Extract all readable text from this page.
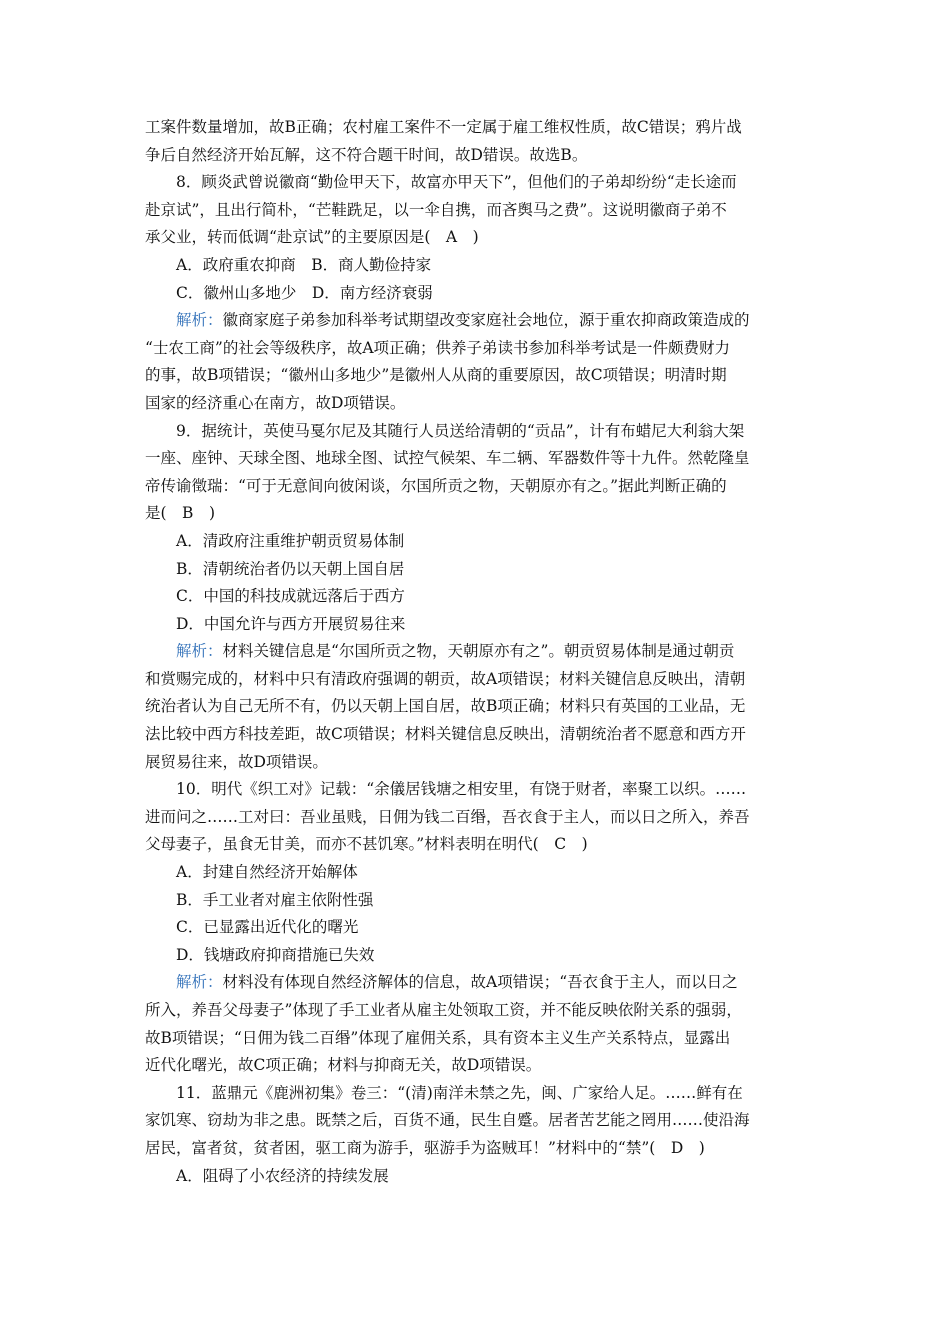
工案件数量增加，故B正确；农村雇工案件不一定属于雇工维权性质，故C错误；鸦片战
争后自然经济开始瓦解，这不符合题干时间，故D错误。故选B。
8．顾炎武曾说徽商“勤俭甲天下，故富亦甲天下”，但他们的子弟却纷纷“走长途而
赴京试”，且出行简朴，“芒鞋跣足，以一伞自携，而吝舆马之费”。这说明徽商子弟不
承父业，转而低调“赴京试”的主要原因是(　A　)
A．政府重农抑商　B．商人勤俭持家
C．徽州山多地少　D．南方经济衰弱
解析：徽商家庭子弟参加科举考试期望改变家庭社会地位，源于重农抑商政策造成的
“士农工商”的社会等级秩序，故A项正确；供养子弟读书参加科举考试是一件颇费财力
的事，故B项错误；“徽州山多地少”是徽州人从商的重要原因，故C项错误；明清时期
国家的经济重心在南方，故D项错误。
9．据统计，英使马戛尔尼及其随行人员送给清朝的“贡品”，计有布蜡尼大利翁大架
一座、座钟、天球全图、地球全图、试控气候架、车二辆、军器数件等十九件。然乾隆皇
帝传谕徵瑞：“可于无意间向彼闲谈，尔国所贡之物，天朝原亦有之。”据此判断正确的
是(　B　)
A．清政府注重维护朝贡贸易体制
B．清朝统治者仍以天朝上国自居
C．中国的科技成就远落后于西方
D．中国允许与西方开展贸易往来
解析：材料关键信息是“尔国所贡之物，天朝原亦有之”。朝贡贸易体制是通过朝贡
和赏赐完成的，材料中只有清政府强调的朝贡，故A项错误；材料关键信息反映出，清朝
统治者认为自己无所不有，仍以天朝上国自居，故B项正确；材料只有英国的工业品，无
法比较中西方科技差距，故C项错误；材料关键信息反映出，清朝统治者不愿意和西方开
展贸易往来，故D项错误。
10．明代《织工对》记载：“余儀居钱塘之相安里，有饶于财者，率聚工以织。……
进而问之……工对曰：吾业虽贱，日佣为钱二百缗，吾衣食于主人，而以日之所入，养吾
父母妻子，虽食无甘美，而亦不甚饥寒。”材料表明在明代(　C　)
A．封建自然经济开始解体
B．手工业者对雇主依附性强
C．已显露出近代化的曙光
D．钱塘政府抑商措施已失效
解析：材料没有体现自然经济解体的信息，故A项错误；“吾衣食于主人，而以日之
所入，养吾父母妻子”体现了手工业者从雇主处领取工资，并不能反映依附关系的强弱，
故B项错误；“日佣为钱二百缗”体现了雇佣关系，具有资本主义生产关系特点，显露出
近代化曙光，故C项正确；材料与抑商无关，故D项错误。
11．蓝鼎元《鹿洲初集》卷三：“(清)南洋未禁之先，闽、广家给人足。……鲜有在
家饥寒、窃劫为非之患。既禁之后，百货不通，民生自蹙。居者苦艺能之罔用……使沿海
居民，富者贫，贫者困，驱工商为游手，驱游手为盗贼耳！”材料中的“禁”(　D　)
A．阻碍了小农经济的持续发展
